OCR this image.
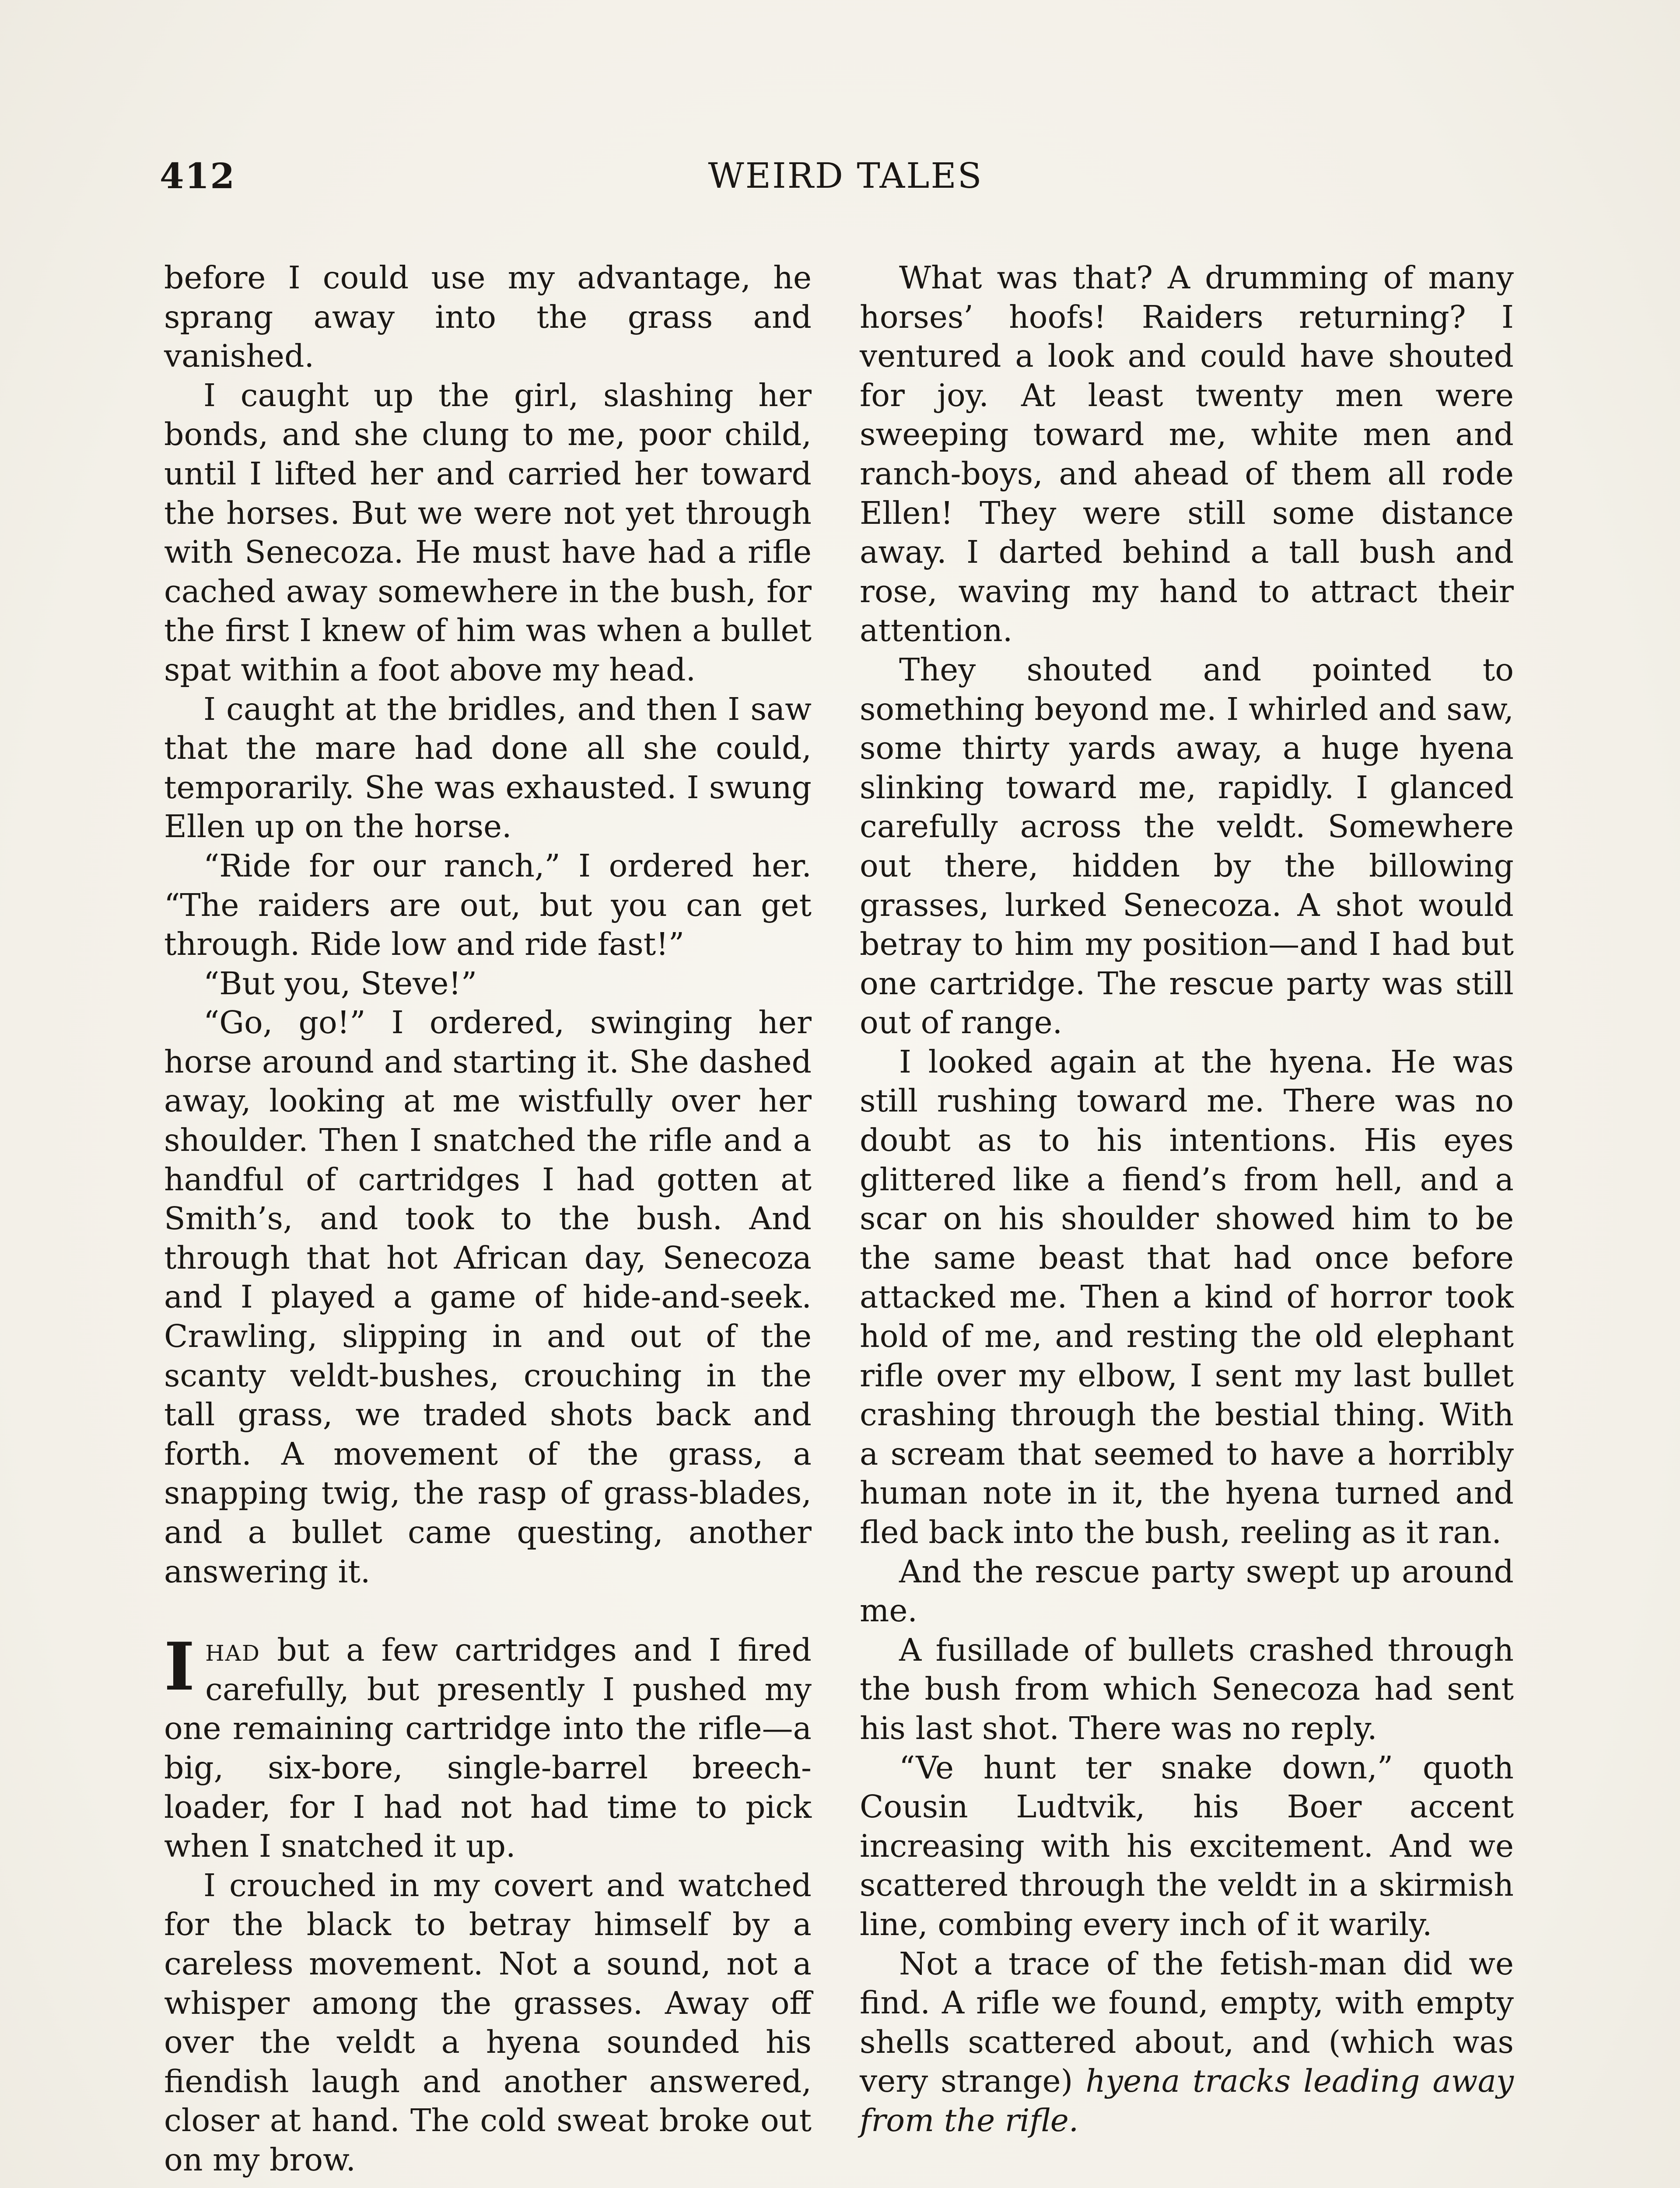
412	WEIRD TALES

before I could use my advantage, he sprang away into the grass and vanished.

I caught up the girl, slashing her bonds, and she clung to me, poor child, until I lifted her and carried her toward the horses. But we were not yet through with Senecoza. He must have had a rifle cached away somewhere in the bush, for the first I knew of him was when a bullet spat within a foot above my head.

I caught at the bridles, and then I saw that the mare had done all she could, temporarily. She was exhausted. I swung Ellen up on the horse.

“Ride for our ranch,” I ordered her. “The raiders are out, but you can get through. Ride low and ride fast!”

“But you, Steve!”

“Go, go!” I ordered, swinging her horse around and starting it. She dashed away, looking at me wistfully over her shoulder. Then I snatched the rifle and a handful of cartridges I had gotten at Smith’s, and took to the bush. And through that hot African day, Senecoza and I played a game of hide-and-seek. Crawling, slipping in and out of the scanty veldt-bushes, crouching in the tall grass, we traded shots back and forth. A movement of the grass, a snapping twig, the rasp of grass-blades, and a bullet came questing, another answering it.

Ihad but a few cartridges and I fired carefully, but presently I pushed my one remaining cartridge into the rifle—a big, six-bore, single-barrel breech-loader, for I had not had time to pick when I snatched it up.

I crouched in my covert and watched for the black to betray himself by a careless movement. Not a sound, not a whisper among the grasses. Away off over the veldt a hyena sounded his fiendish laugh and another answered, closer at hand. The cold sweat broke out on my brow.

What was that? A drumming of many horses’ hoofs! Raiders returning? I ventured a look and could have shouted for joy. At least twenty men were sweeping toward me, white men and ranch-boys, and ahead of them all rode Ellen! They were still some distance away. I darted behind a tall bush and rose, waving my hand to attract their attention.

They shouted and pointed to something beyond me. I whirled and saw, some thirty yards away, a huge hyena slinking toward me, rapidly. I glanced carefully across the veldt. Somewhere out there, hidden by the billowing grasses, lurked Senecoza. A shot would betray to him my position—and I had but one cartridge. The rescue party was still out of range.

I looked again at the hyena. He was still rushing toward me. There was no doubt as to his intentions. His eyes glittered like a fiend’s from hell, and a scar on his shoulder showed him to be the same beast that had once before attacked me. Then a kind of horror took hold of me, and resting the old elephant rifle over my elbow, I sent my last bullet crashing through the bestial thing. With a scream that seemed to have a horribly human note in it, the hyena turned and fled back into the bush, reeling as it ran.

And the rescue party swept up around me.

A fusillade of bullets crashed through the bush from which Senecoza had sent his last shot. There was no reply.

“Ve hunt ter snake down,” quoth Cousin Ludtvik, his Boer accent increasing with his excitement. And we scattered through the veldt in a skirmish line, combing every inch of it warily.

Not a trace of the fetish-man did we find. A rifle we found, empty, with empty shells scattered about, and (which was very strange) hyena tracks leading away from the rifle.
